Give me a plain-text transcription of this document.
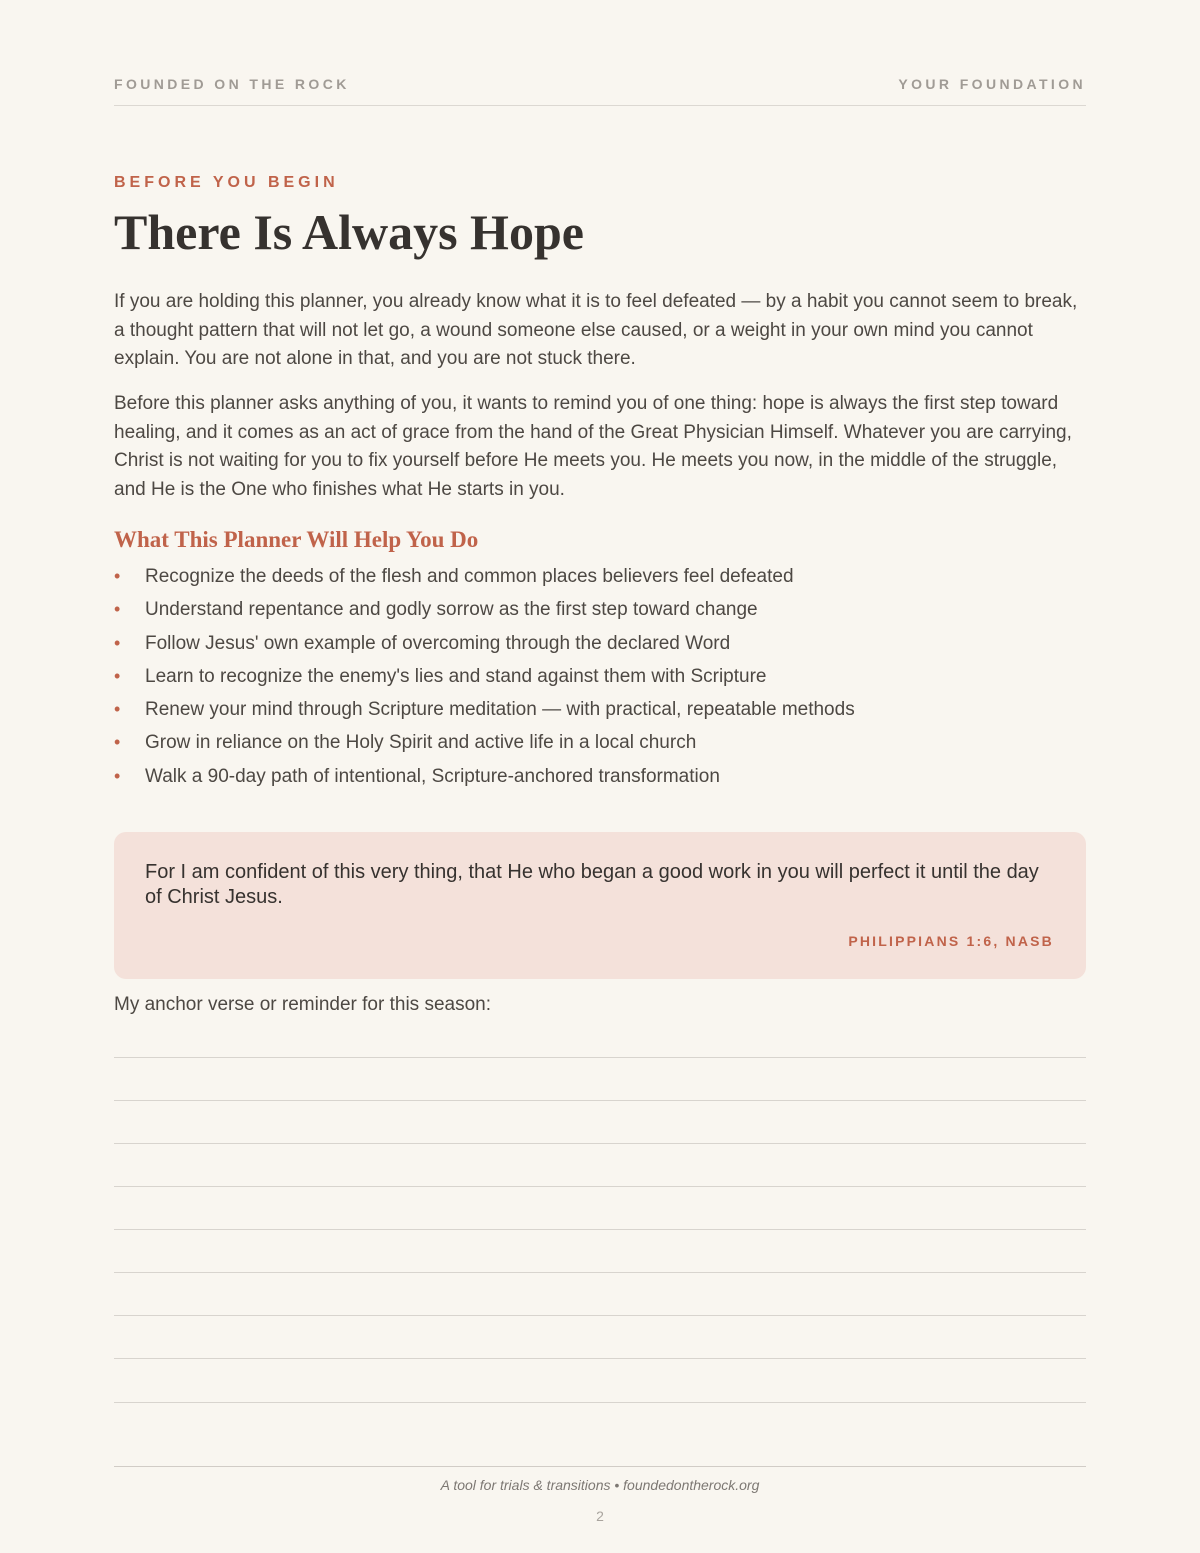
FOUNDED ON THE ROCK	YOUR FOUNDATION
BEFORE YOU BEGIN
There Is Always Hope

If you are holding this planner, you already know what it is to feel defeated — by a habit you cannot seem to break, a thought pattern that will not let go, a wound someone else caused, or a weight in your own mind you cannot explain. You are not alone in that, and you are not stuck there.

Before this planner asks anything of you, it wants to remind you of one thing: hope is always the first step toward healing, and it comes as an act of grace from the hand of the Great Physician Himself. Whatever you are carrying, Christ is not waiting for you to fix yourself before He meets you. He meets you now, in the middle of the struggle, and He is the One who finishes what He starts in you.

What This Planner Will Help You Do
• Recognize the deeds of the flesh and common places believers feel defeated
• Understand repentance and godly sorrow as the first step toward change
• Follow Jesus' own example of overcoming through the declared Word
• Learn to recognize the enemy's lies and stand against them with Scripture
• Renew your mind through Scripture meditation — with practical, repeatable methods
• Grow in reliance on the Holy Spirit and active life in a local church
• Walk a 90-day path of intentional, Scripture-anchored transformation

For I am confident of this very thing, that He who began a good work in you will perfect it until the day of Christ Jesus.

PHILIPPIANS 1:6, NASB
My anchor verse or reminder for this season:
A tool for trials & transitions • foundedontherock.org
2
